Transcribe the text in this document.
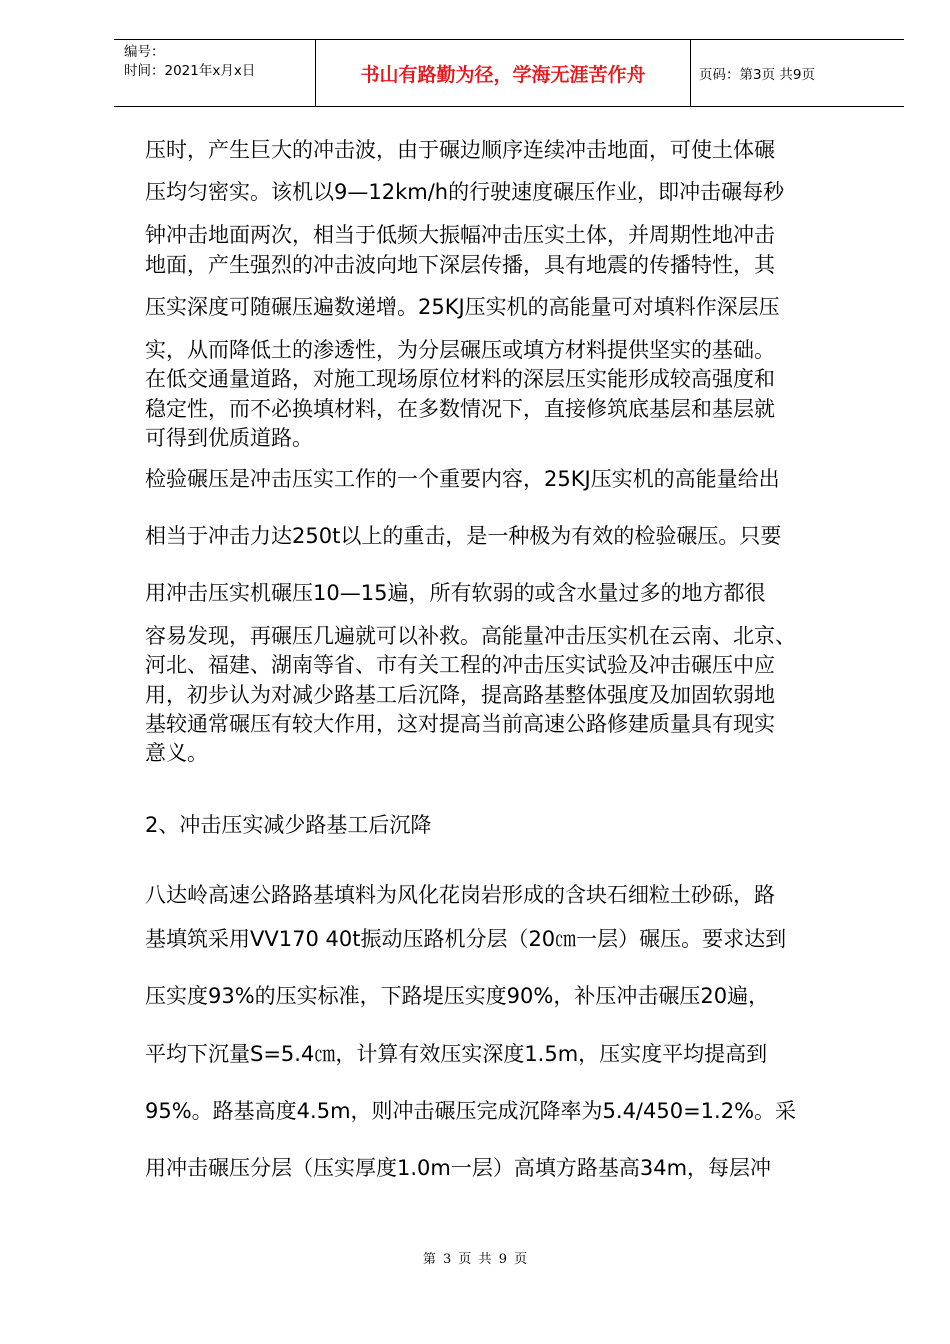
编号：
时间：2021年x月x日	书山有路勤为径，学海无涯苦作舟	页码：第3页 共9页
压时，产生巨大的冲击波，由于碾边顺序连续冲击地面，可使土体碾
压均匀密实。该机以9—12km/h的行驶速度碾压作业，即冲击碾每秒
钟冲击地面两次，相当于低频大振幅冲击压实土体，并周期性地冲击
地面，产生强烈的冲击波向地下深层传播，具有地震的传播特性，其
压实深度可随碾压遍数递增。25KJ压实机的高能量可对填料作深层压
实，从而降低土的渗透性，为分层碾压或填方材料提供坚实的基础。
在低交通量道路，对施工现场原位材料的深层压实能形成较高强度和
稳定性，而不必换填材料，在多数情况下，直接修筑底基层和基层就
可得到优质道路。
检验碾压是冲击压实工作的一个重要内容，25KJ压实机的高能量给出
相当于冲击力达250t以上的重击，是一种极为有效的检验碾压。只要
用冲击压实机碾压10—15遍，所有软弱的或含水量过多的地方都很
容易发现，再碾压几遍就可以补救。高能量冲击压实机在云南、北京、
河北、福建、湖南等省、市有关工程的冲击压实试验及冲击碾压中应
用，初步认为对减少路基工后沉降，提高路基整体强度及加固软弱地
基较通常碾压有较大作用，这对提高当前高速公路修建质量具有现实
意义。
2、冲击压实减少路基工后沉降
八达岭高速公路路基填料为风化花岗岩形成的含块石细粒土砂砾，路
基填筑采用VV170 40t振动压路机分层（20㎝一层）碾压。要求达到
压实度93%的压实标准，下路堤压实度90%，补压冲击碾压20遍，
平均下沉量S=5.4㎝，计算有效压实深度1.5m，压实度平均提高到
95%。路基高度4.5m，则冲击碾压完成沉降率为5.4/450=1.2%。采
用冲击碾压分层（压实厚度1.0m一层）高填方路基高34m，每层冲
第 3 页 共 9 页
